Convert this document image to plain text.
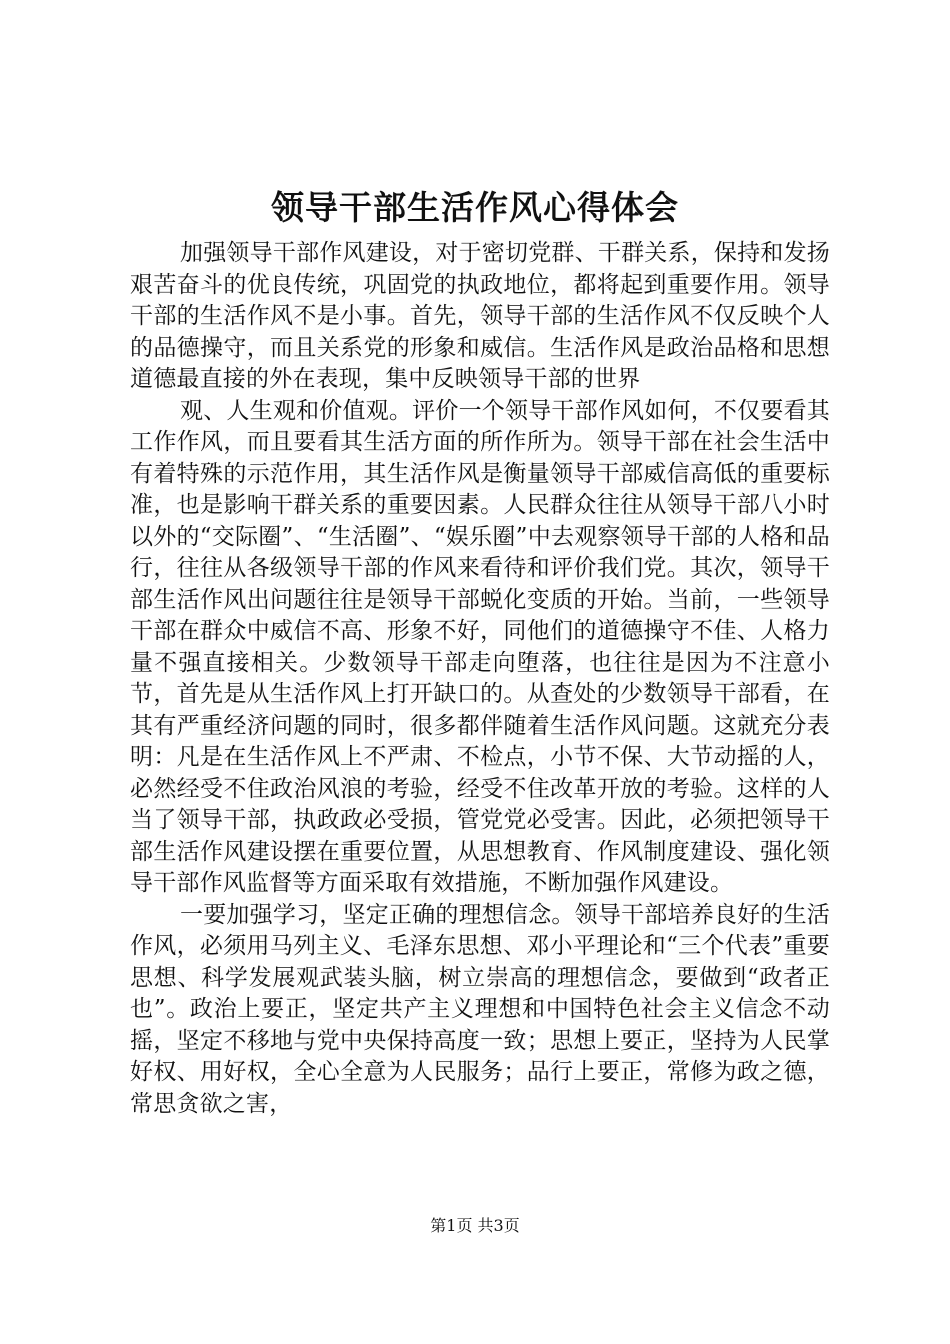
领导干部生活作风心得体会

加强领导干部作风建设，对于密切党群、干群关系，保持和发扬艰苦奋斗的优良传统，巩固党的执政地位，都将起到重要作用。领导干部的生活作风不是小事。首先，领导干部的生活作风不仅反映个人的品德操守，而且关系党的形象和威信。生活作风是政治品格和思想道德最直接的外在表现，集中反映领导干部的世界

观、人生观和价值观。评价一个领导干部作风如何，不仅要看其工作作风，而且要看其生活方面的所作所为。领导干部在社会生活中有着特殊的示范作用，其生活作风是衡量领导干部威信高低的重要标准，也是影响干群关系的重要因素。人民群众往往从领导干部八小时以外的“交际圈”、“生活圈”、“娱乐圈”中去观察领导干部的人格和品行，往往从各级领导干部的作风来看待和评价我们党。其次，领导干部生活作风出问题往往是领导干部蜕化变质的开始。当前，一些领导干部在群众中威信不高、形象不好，同他们的道德操守不佳、人格力量不强直接相关。少数领导干部走向堕落，也往往是因为不注意小节，首先是从生活作风上打开缺口的。从查处的少数领导干部看，在其有严重经济问题的同时，很多都伴随着生活作风问题。这就充分表明：凡是在生活作风上不严肃、不检点，小节不保、大节动摇的人，必然经受不住政治风浪的考验，经受不住改革开放的考验。这样的人当了领导干部，执政政必受损，管党党必受害。因此，必须把领导干部生活作风建设摆在重要位置，从思想教育、作风制度建设、强化领导干部作风监督等方面采取有效措施，不断加强作风建设。

一要加强学习，坚定正确的理想信念。领导干部培养良好的生活作风，必须用马列主义、毛泽东思想、邓小平理论和“三个代表”重要思想、科学发展观武装头脑，树立崇高的理想信念，要做到“政者正也”。政治上要正，坚定共产主义理想和中国特色社会主义信念不动摇，坚定不移地与党中央保持高度一致；思想上要正，坚持为人民掌好权、用好权，全心全意为人民服务；品行上要正，常修为政之德，常思贪欲之害，

第1页 共3页
